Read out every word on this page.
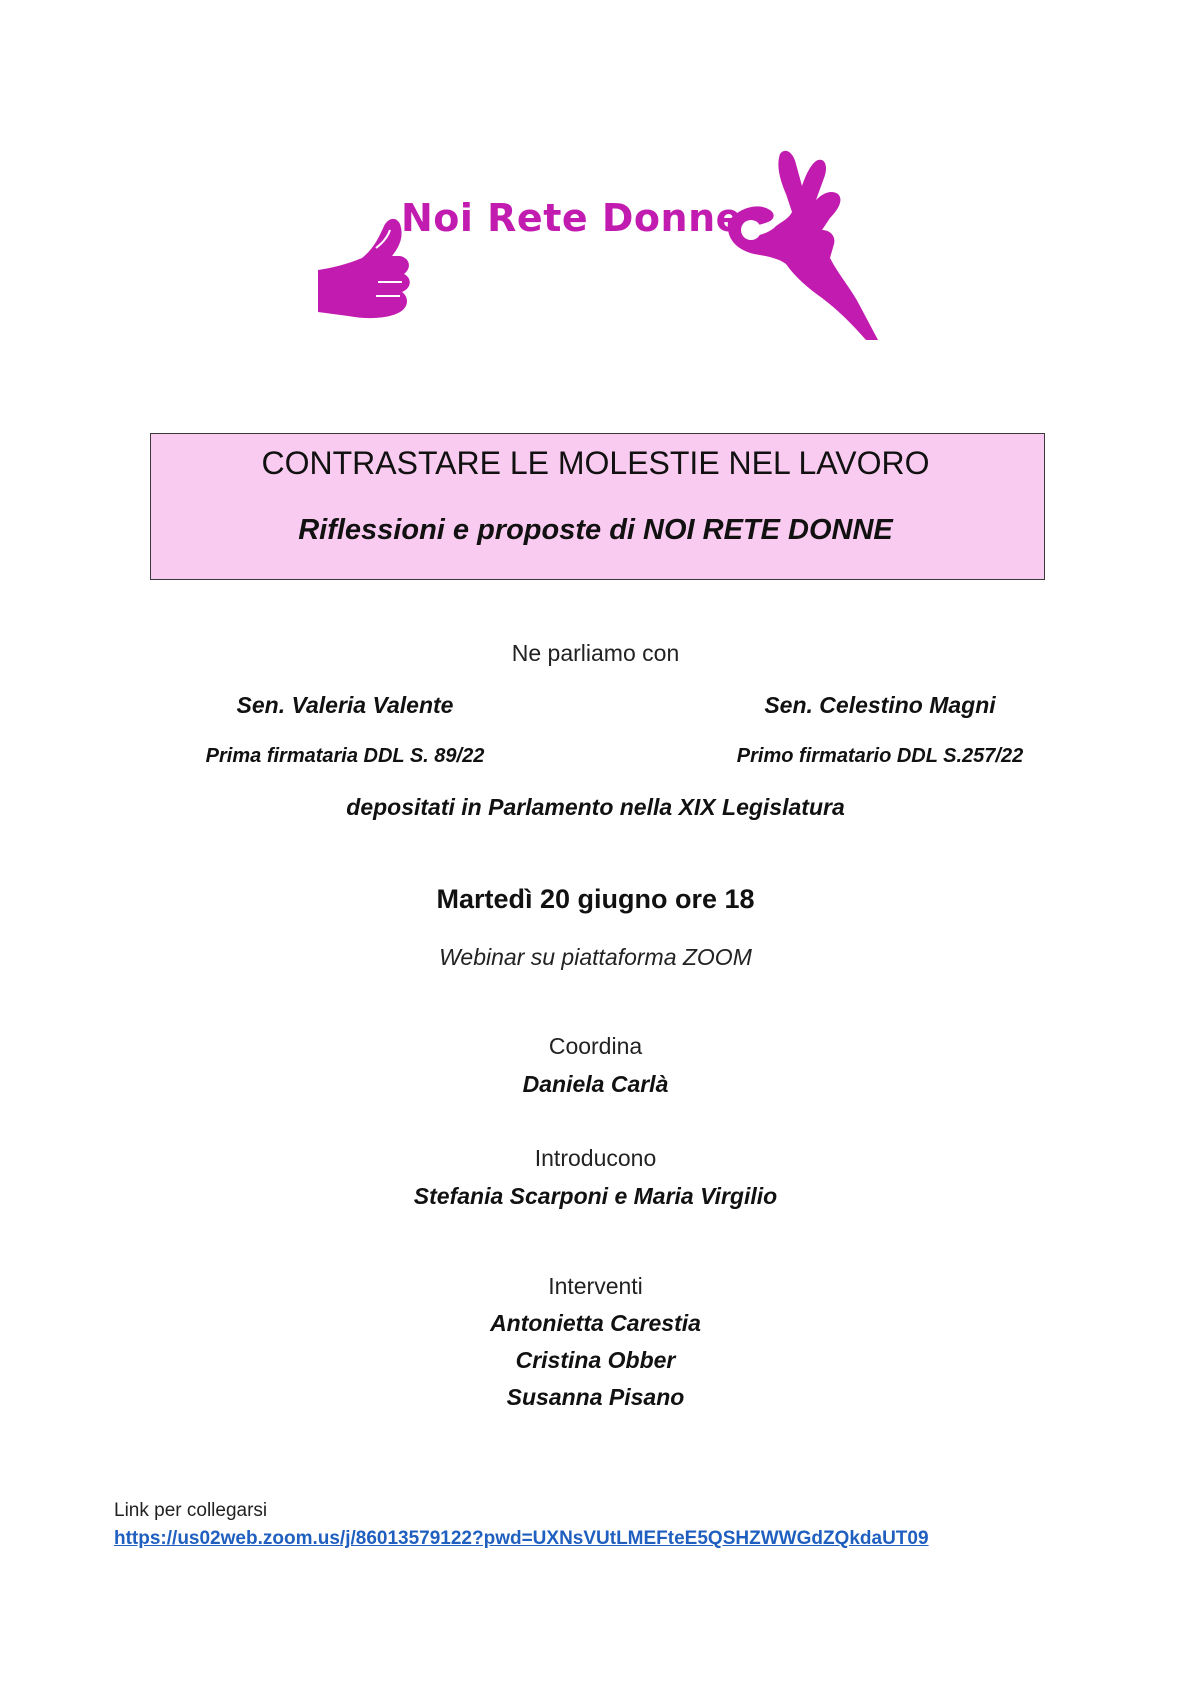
Noi Rete Donne
CONTRASTARE LE MOLESTIE NEL LAVORO
Riflessioni e proposte di NOI RETE DONNE
Ne parliamo con
Sen. Valeria Valente	Sen. Celestino Magni
Prima firmataria DDL S. 89/22	Primo firmatario DDL S.257/22
depositati in Parlamento nella XIX Legislatura
Martedì 20 giugno ore 18
Webinar su piattaforma ZOOM
Coordina
Daniela Carlà
Introducono
Stefania Scarponi e Maria Virgilio
Interventi
Antonietta Carestia
Cristina Obber
Susanna Pisano
Link per collegarsi
https://us02web.zoom.us/j/86013579122?pwd=UXNsVUtLMEFteE5QSHZWWGdZQkdaUT09
